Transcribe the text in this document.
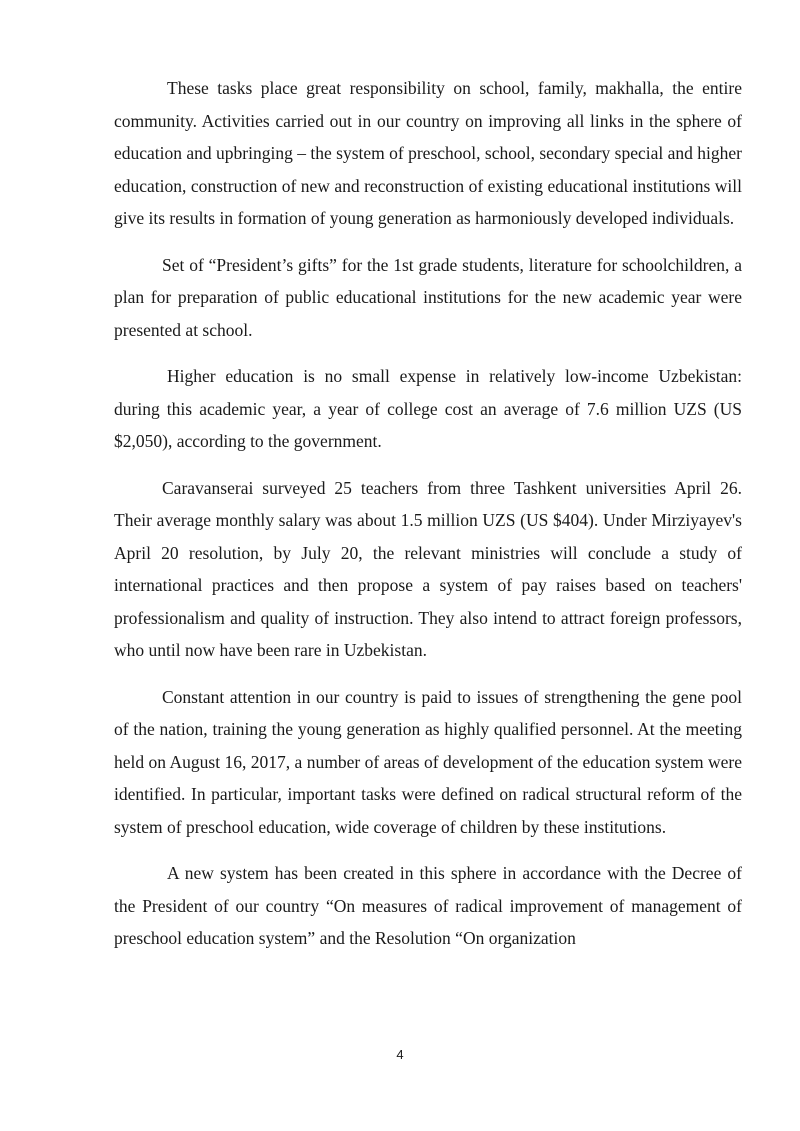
These tasks place great responsibility on school, family, makhalla, the entire community. Activities carried out in our country on improving all links in the sphere of education and upbringing – the system of preschool, school, secondary special and higher education, construction of new and reconstruction of existing educational institutions will give its results in formation of young generation as harmoniously developed individuals.

Set of “President’s gifts” for the 1st grade students, literature for schoolchildren, a plan for preparation of public educational institutions for the new academic year were presented at school.

Higher education is no small expense in relatively low-income Uzbekistan: during this academic year, a year of college cost an average of 7.6 million UZS (US $2,050), according to the government.

Caravanserai surveyed 25 teachers from three Tashkent universities April 26. Their average monthly salary was about 1.5 million UZS (US $404). Under Mirziyayev's April 20 resolution, by July 20, the relevant ministries will conclude a study of international practices and then propose a system of pay raises based on teachers' professionalism and quality of instruction. They also intend to attract foreign professors, who until now have been rare in Uzbekistan.

Constant attention in our country is paid to issues of strengthening the gene pool of the nation, training the young generation as highly qualified personnel. At the meeting held on August 16, 2017, a number of areas of development of the education system were identified. In particular, important tasks were defined on radical structural reform of the system of preschool education, wide coverage of children by these institutions.

A new system has been created in this sphere in accordance with the Decree of the President of our country “On measures of radical improvement of management of preschool education system” and the Resolution “On organization

4
